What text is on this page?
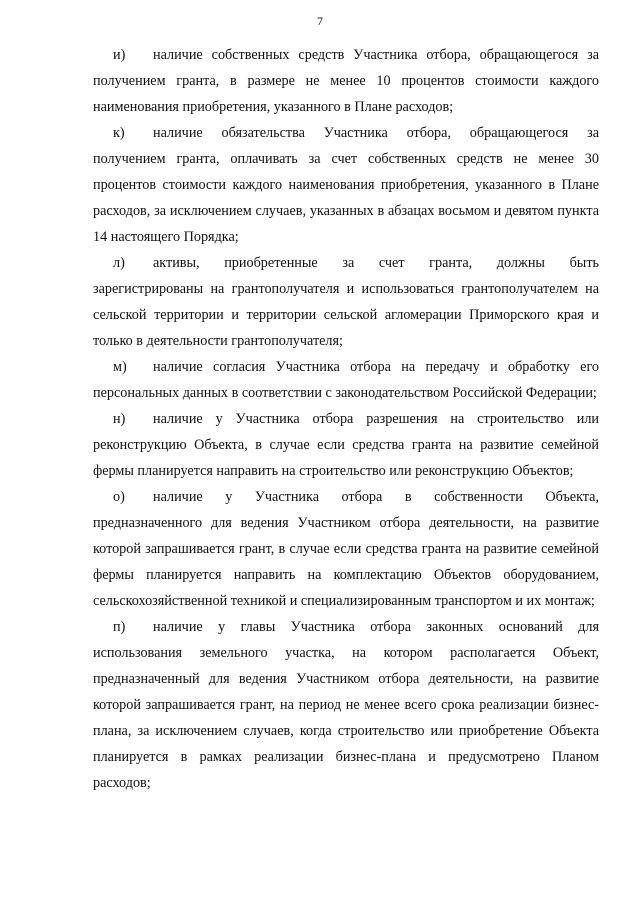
7

и) наличие собственных средств Участника отбора, обращающегося за
получением гранта, в размере не менее 10 процентов стоимости каждого наименования приобретения, указанного в Плане расходов;

к) наличие обязательства Участника отбора, обращающегося за
получением гранта, оплачивать за счет собственных средств не менее 30 процентов стоимости каждого наименования приобретения, указанного в Плане расходов, за исключением случаев, указанных в абзацах восьмом и девятом пункта 14 настоящего Порядка;

л) активы, приобретенные за счет гранта, должны быть
зарегистрированы на грантополучателя и использоваться грантополучателем на сельской территории и территории сельской агломерации Приморского края и только в деятельности грантополучателя;

м) наличие согласия Участника отбора на передачу и обработку его
персональных данных в соответствии с законодательством Российской Федерации;

н) наличие у Участника отбора разрешения на строительство или
реконструкцию Объекта, в случае если средства гранта на развитие семейной фермы планируется направить на строительство или реконструкцию Объектов;

о) наличие у Участника отбора в собственности Объекта,
предназначенного для ведения Участником отбора деятельности, на развитие которой запрашивается грант, в случае если средства гранта на развитие семейной фермы планируется направить на комплектацию Объектов оборудованием, сельскохозяйственной техникой и специализированным транспортом и их монтаж;

п) наличие у главы Участника отбора законных оснований для
использования земельного участка, на котором располагается Объект, предназначенный для ведения Участником отбора деятельности, на развитие которой запрашивается грант, на период не менее всего срока реализации бизнес-плана, за исключением случаев, когда строительство или приобретение Объекта планируется в рамках реализации бизнес-плана и предусмотрено Планом расходов;
